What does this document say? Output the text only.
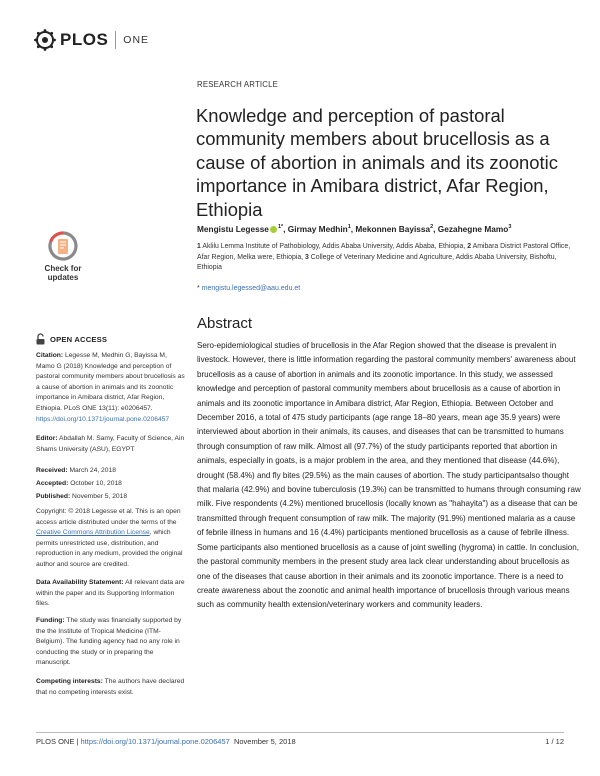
PLOS ONE
Check for
updates
OPEN ACCESS
Citation: Legesse M, Medhin G, Bayissa M, Mamo G (2018) Knowledge and perception of pastoral community members about brucellosis as a cause of abortion in animals and its zoonotic importance in Amibara district, Afar Region, Ethiopia. PLoS ONE 13(11): e0206457. https://doi.org/10.1371/journal.pone.0206457
Editor: Abdallah M. Samy, Faculty of Science, Ain Shams University (ASU), EGYPT
Received: March 24, 2018
Accepted: October 10, 2018
Published: November 5, 2018
Copyright: © 2018 Legesse et al. This is an open access article distributed under the terms of the Creative Commons Attribution License, which permits unrestricted use, distribution, and reproduction in any medium, provided the original author and source are credited.
Data Availability Statement: All relevant data are within the paper and its Supporting Information files.
Funding: The study was financially supported by the the Institute of Tropical Medicine (ITM-Belgium). The funding agency had no any role in conducting the study or in preparing the manuscript.
Competing interests: The authors have declared that no competing interests exist.
RESEARCH ARTICLE
Knowledge and perception of pastoral community members about brucellosis as a cause of abortion in animals and its zoonotic importance in Amibara district, Afar Region, Ethiopia
Mengistu Legesse $^{1*}$, Girmay Medhin$^1$, Mekonnen Bayissa$^2$, Gezahegne Mamo$^3$
1 Aklilu Lemma Institute of Pathobiology, Addis Ababa University, Addis Ababa, Ethiopia, 2 Amibara District Pastoral Office, Afar Region, Melka were, Ethiopia, 3 College of Veterinary Medicine and Agriculture, Addis Ababa University, Bishoftu, Ethiopia
* mengistu.legessed@aau.edu.et
Abstract

Sero-epidemiological studies of brucellosis in the Afar Region showed that the disease is prevalent in livestock. However, there is little information regarding the pastoral community members' awareness about brucellosis as a cause of abortion in animals and its zoonotic importance. In this study, we assessed knowledge and perception of pastoral community members about brucellosis as a cause of abortion in animals and its zoonotic importance in Amibara district, Afar Region, Ethiopia. Between October and December 2016, a total of 475 study participants (age range 18–80 years, mean age 35.9 years) were interviewed about abortion in their animals, its causes, and diseases that can be transmitted to humans through consumption of raw milk. Almost all (97.7%) of the study participants reported that abortion in animals, especially in goats, is a major problem in the area, and they mentioned that disease (44.6%), drought (58.4%) and fly bites (29.5%) as the main causes of abortion. The study participantsalso thought that malaria (42.9%) and bovine tuberculosis (19.3%) can be transmitted to humans through consuming raw milk. Five respondents (4.2%) mentioned brucellosis (locally known as "hahayita") as a disease that can be transmitted through frequent consumption of raw milk. The majority (91.9%) mentioned malaria as a cause of febrile illness in humans and 16 (4.4%) participants mentioned brucellosis as a cause of febrile illness. Some participants also mentioned brucellosis as a cause of joint swelling (hygroma) in cattle. In conclusion, the pastoral community members in the present study area lack clear understanding about brucellosis as one of the diseases that cause abortion in their animals and its zoonotic importance. There is a need to create awareness about the zoonotic and animal health importance of brucellosis through various means such as community health extension/veterinary workers and community leaders.

PLOS ONE | https://doi.org/10.1371/journal.pone.0206457 November 5, 2018	1 / 12
